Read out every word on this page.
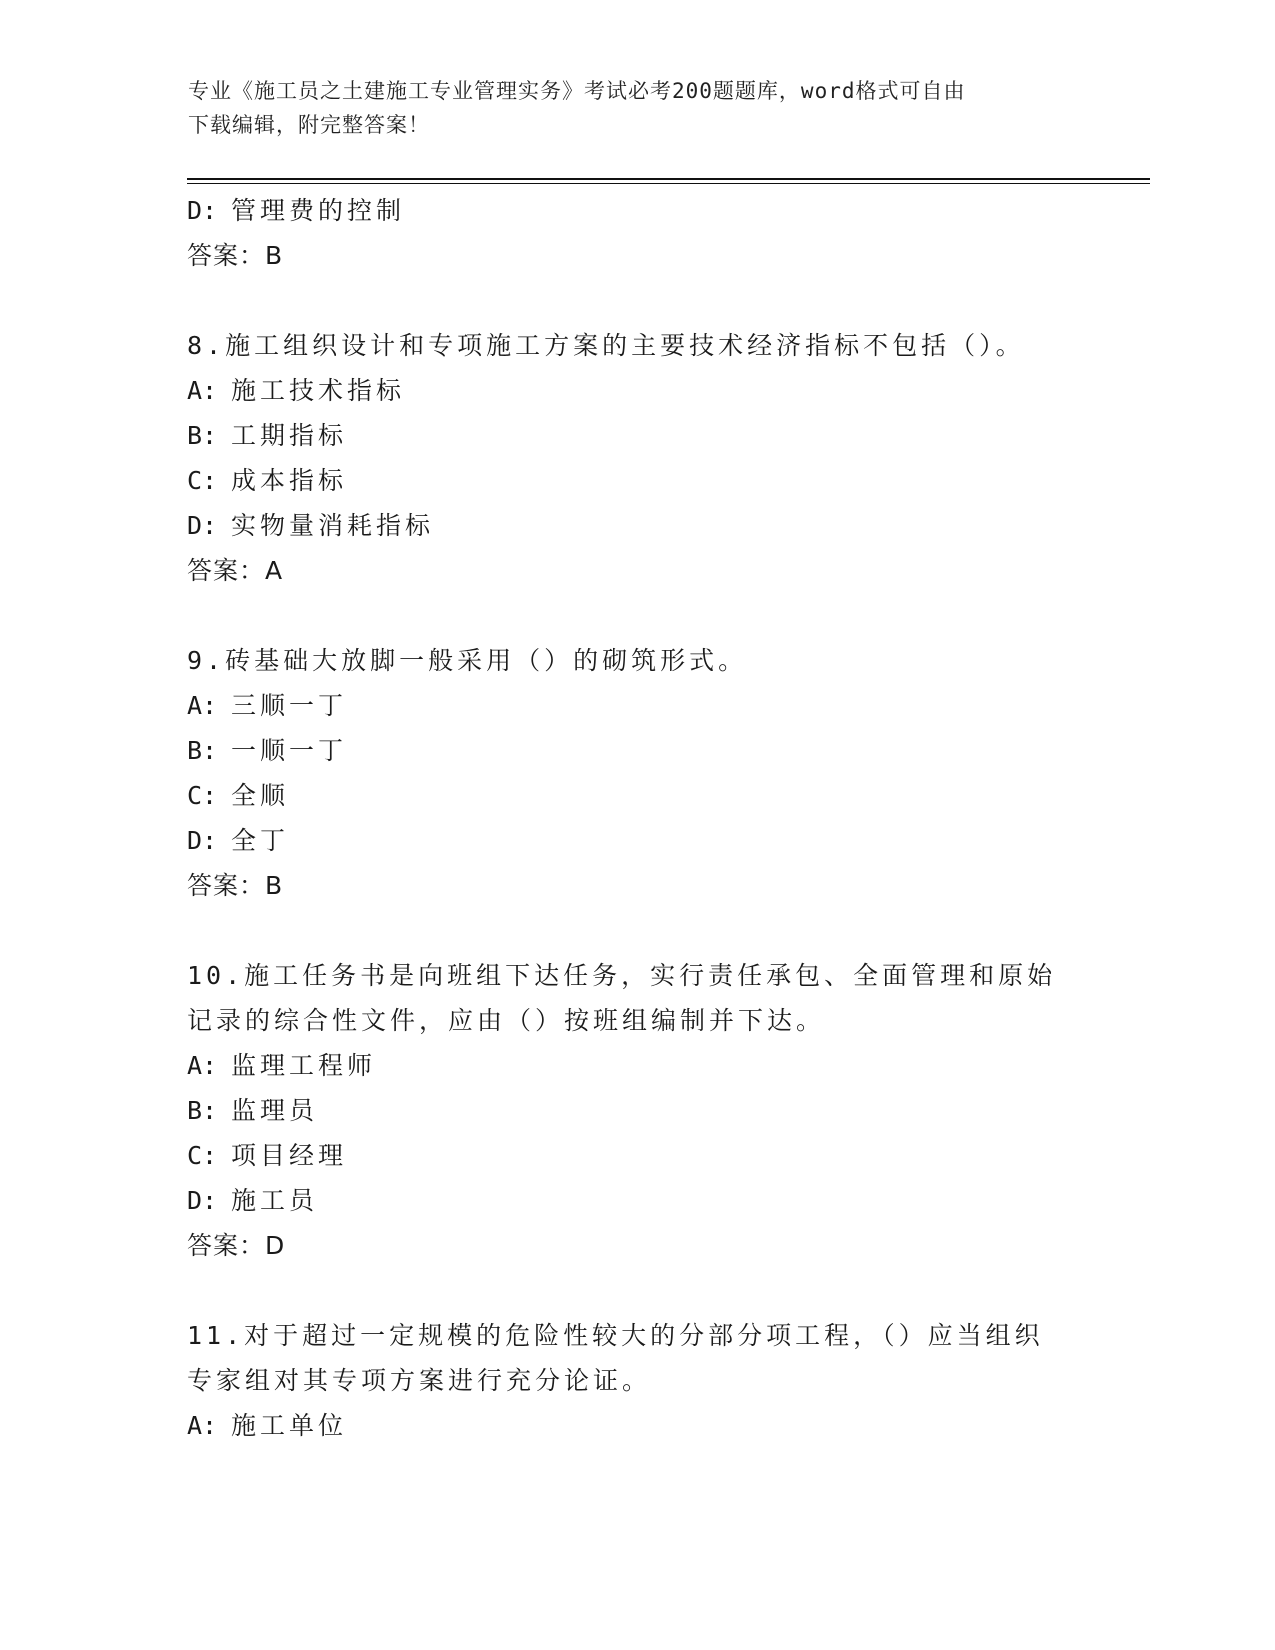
专业《施工员之土建施工专业管理实务》考试必考200题题库，word格式可自由
下载编辑，附完整答案！
D: 管理费的控制
答案：B
8.施工组织设计和专项施工方案的主要技术经济指标不包括（）。
A: 施工技术指标
B: 工期指标
C: 成本指标
D: 实物量消耗指标
答案：A
9.砖基础大放脚一般采用（）的砌筑形式。
A: 三顺一丁
B: 一顺一丁
C: 全顺
D: 全丁
答案：B
10.施工任务书是向班组下达任务，实行责任承包、全面管理和原始记录的综合性文件，应由（）按班组编制并下达。
A: 监理工程师
B: 监理员
C: 项目经理
D: 施工员
答案：D
11.对于超过一定规模的危险性较大的分部分项工程，（）应当组织专家组对其专项方案进行充分论证。
A: 施工单位
